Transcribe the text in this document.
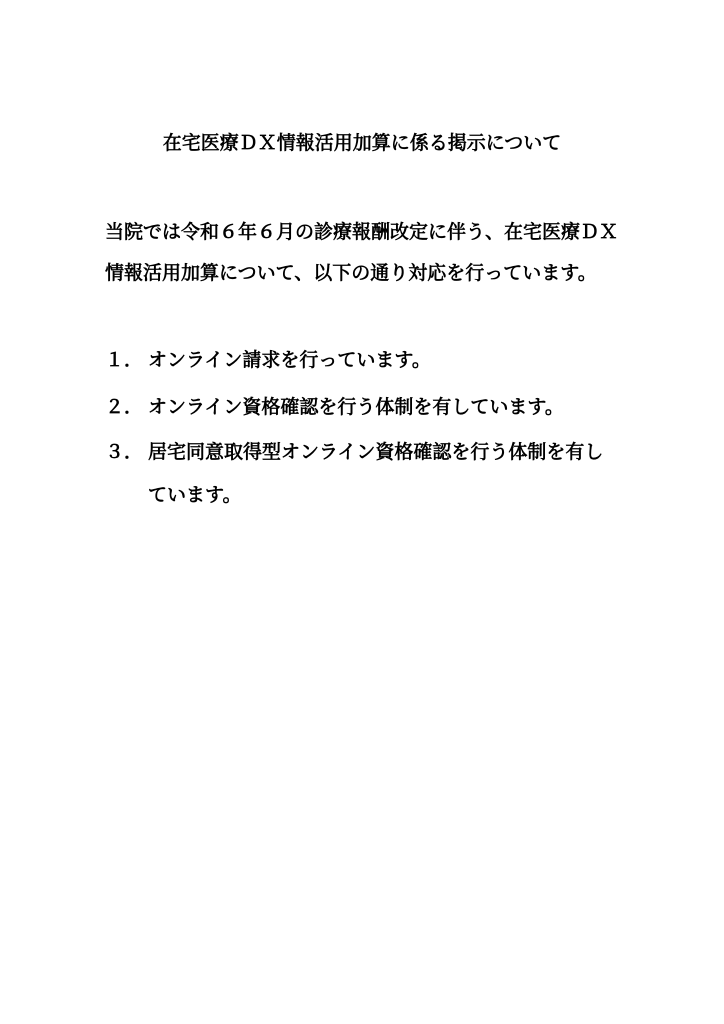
在宅医療ＤＸ情報活用加算に係る掲示について
当院では令和６年６月の診療報酬改定に伴う、在宅医療ＤＸ
情報活用加算について、以下の通り対応を行っています。
１． オンライン請求を行っています。
２． オンライン資格確認を行う体制を有しています。
３． 居宅同意取得型オンライン資格確認を行う体制を有し
ています。
